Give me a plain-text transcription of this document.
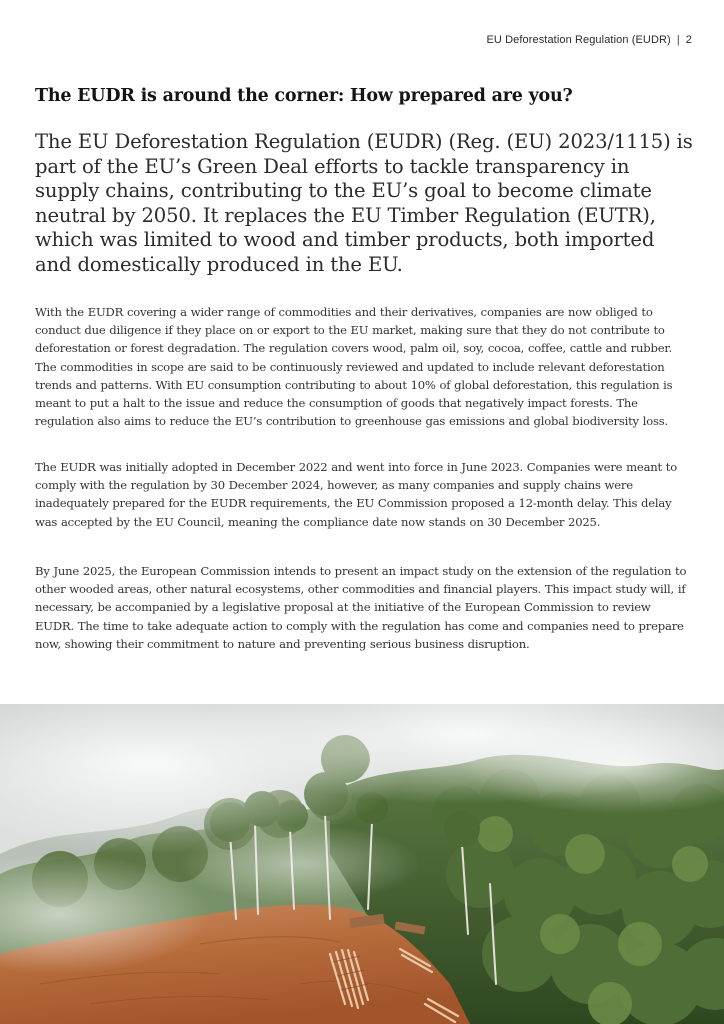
EU Deforestation Regulation (EUDR) | 2
The EUDR is around the corner: How prepared are you?

The EU Deforestation Regulation (EUDR) (Reg. (EU) 2023/1115) is part of the EU’s Green Deal efforts to tackle transparency in supply chains, contributing to the EU’s goal to become climate neutral by 2050. It replaces the EU Timber Regulation (EUTR), which was limited to wood and timber products, both imported and domestically produced in the EU.

With the EUDR covering a wider range of commodities and their derivatives, companies are now obliged to conduct due diligence if they place on or export to the EU market, making sure that they do not contribute to deforestation or forest degradation. The regulation covers wood, palm oil, soy, cocoa, coffee, cattle and rubber. The commodities in scope are said to be continuously reviewed and updated to include relevant deforestation trends and patterns. With EU consumption contributing to about 10% of global deforestation, this regulation is meant to put a halt to the issue and reduce the consumption of goods that negatively impact forests. The regulation also aims to reduce the EU’s contribution to greenhouse gas emissions and global biodiversity loss.

The EUDR was initially adopted in December 2022 and went into force in June 2023. Companies were meant to comply with the regulation by 30 December 2024, however, as many companies and supply chains were inadequately prepared for the EUDR requirements, the EU Commission proposed a 12-month delay. This delay was accepted by the EU Council, meaning the compliance date now stands on 30 December 2025.

By June 2025, the European Commission intends to present an impact study on the extension of the regulation to other wooded areas, other natural ecosystems, other commodities and financial players. This impact study will, if necessary, be accompanied by a legislative proposal at the initiative of the European Commission to review EUDR. The time to take adequate action to comply with the regulation has come and companies need to prepare now, showing their commitment to nature and preventing serious business disruption.
